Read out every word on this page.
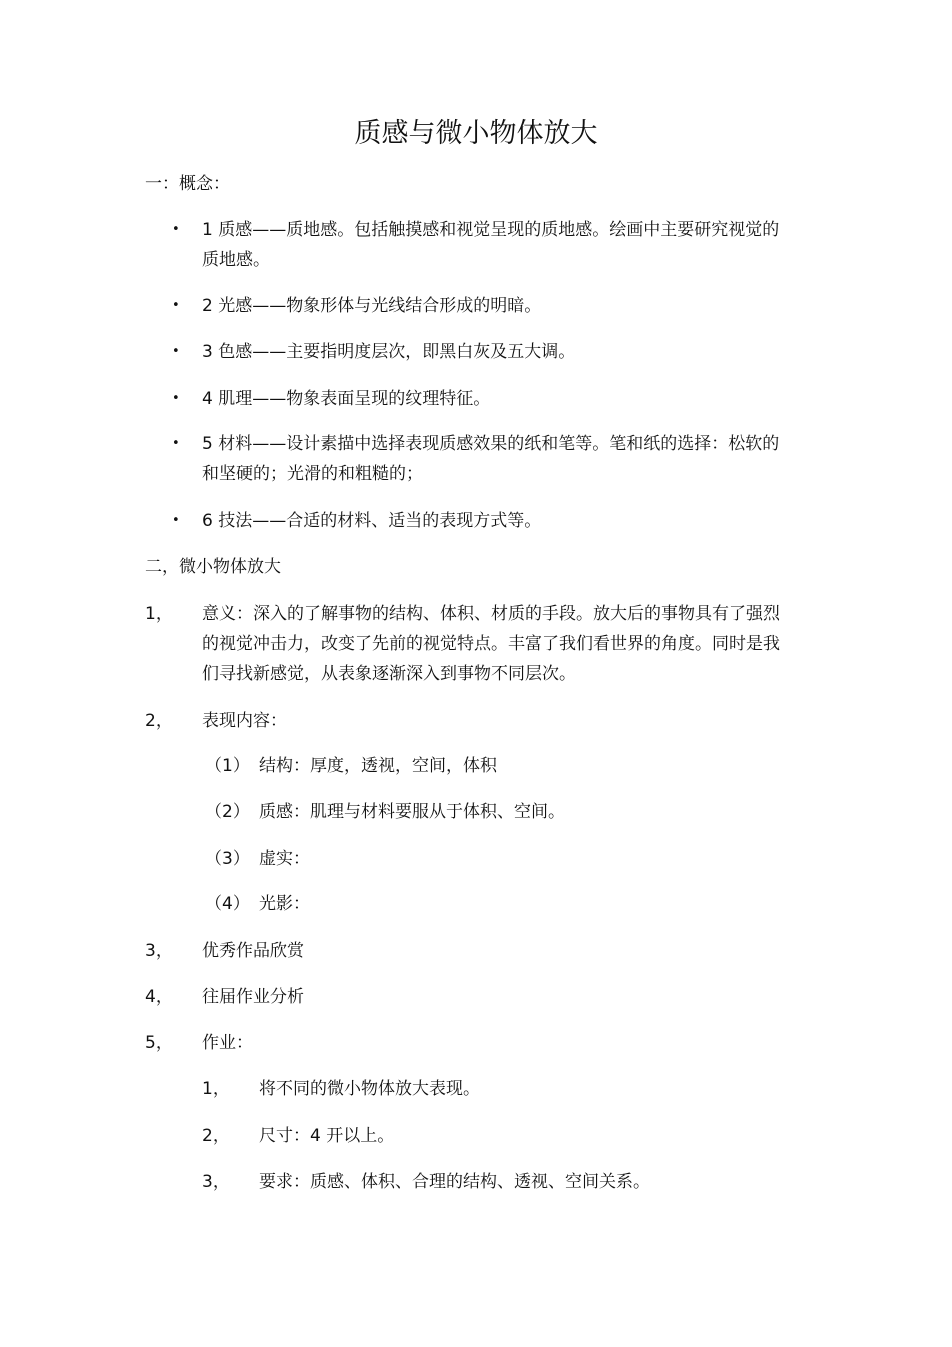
质感与微小物体放大
一：概念：
• 1 质感——质地感。包括触摸感和视觉呈现的质地感。绘画中主要研究视觉的
质地感。
• 2 光感——物象形体与光线结合形成的明暗。
• 3 色感——主要指明度层次，即黑白灰及五大调。
• 4 肌理——物象表面呈现的纹理特征。
• 5 材料——设计素描中选择表现质感效果的纸和笔等。笔和纸的选择：松软的
和坚硬的；光滑的和粗糙的；
• 6 技法——合适的材料、适当的表现方式等。
二，微小物体放大
1， 意义：深入的了解事物的结构、体积、材质的手段。放大后的事物具有了强烈
的视觉冲击力，改变了先前的视觉特点。丰富了我们看世界的角度。同时是我
们寻找新感觉，从表象逐渐深入到事物不同层次。
2， 表现内容：
（1） 结构：厚度，透视，空间，体积
（2） 质感：肌理与材料要服从于体积、空间。
（3） 虚实：
（4） 光影：
3， 优秀作品欣赏
4， 往届作业分析
5， 作业：
1， 将不同的微小物体放大表现。
2， 尺寸：4 开以上。
3， 要求：质感、体积、合理的结构、透视、空间关系。
